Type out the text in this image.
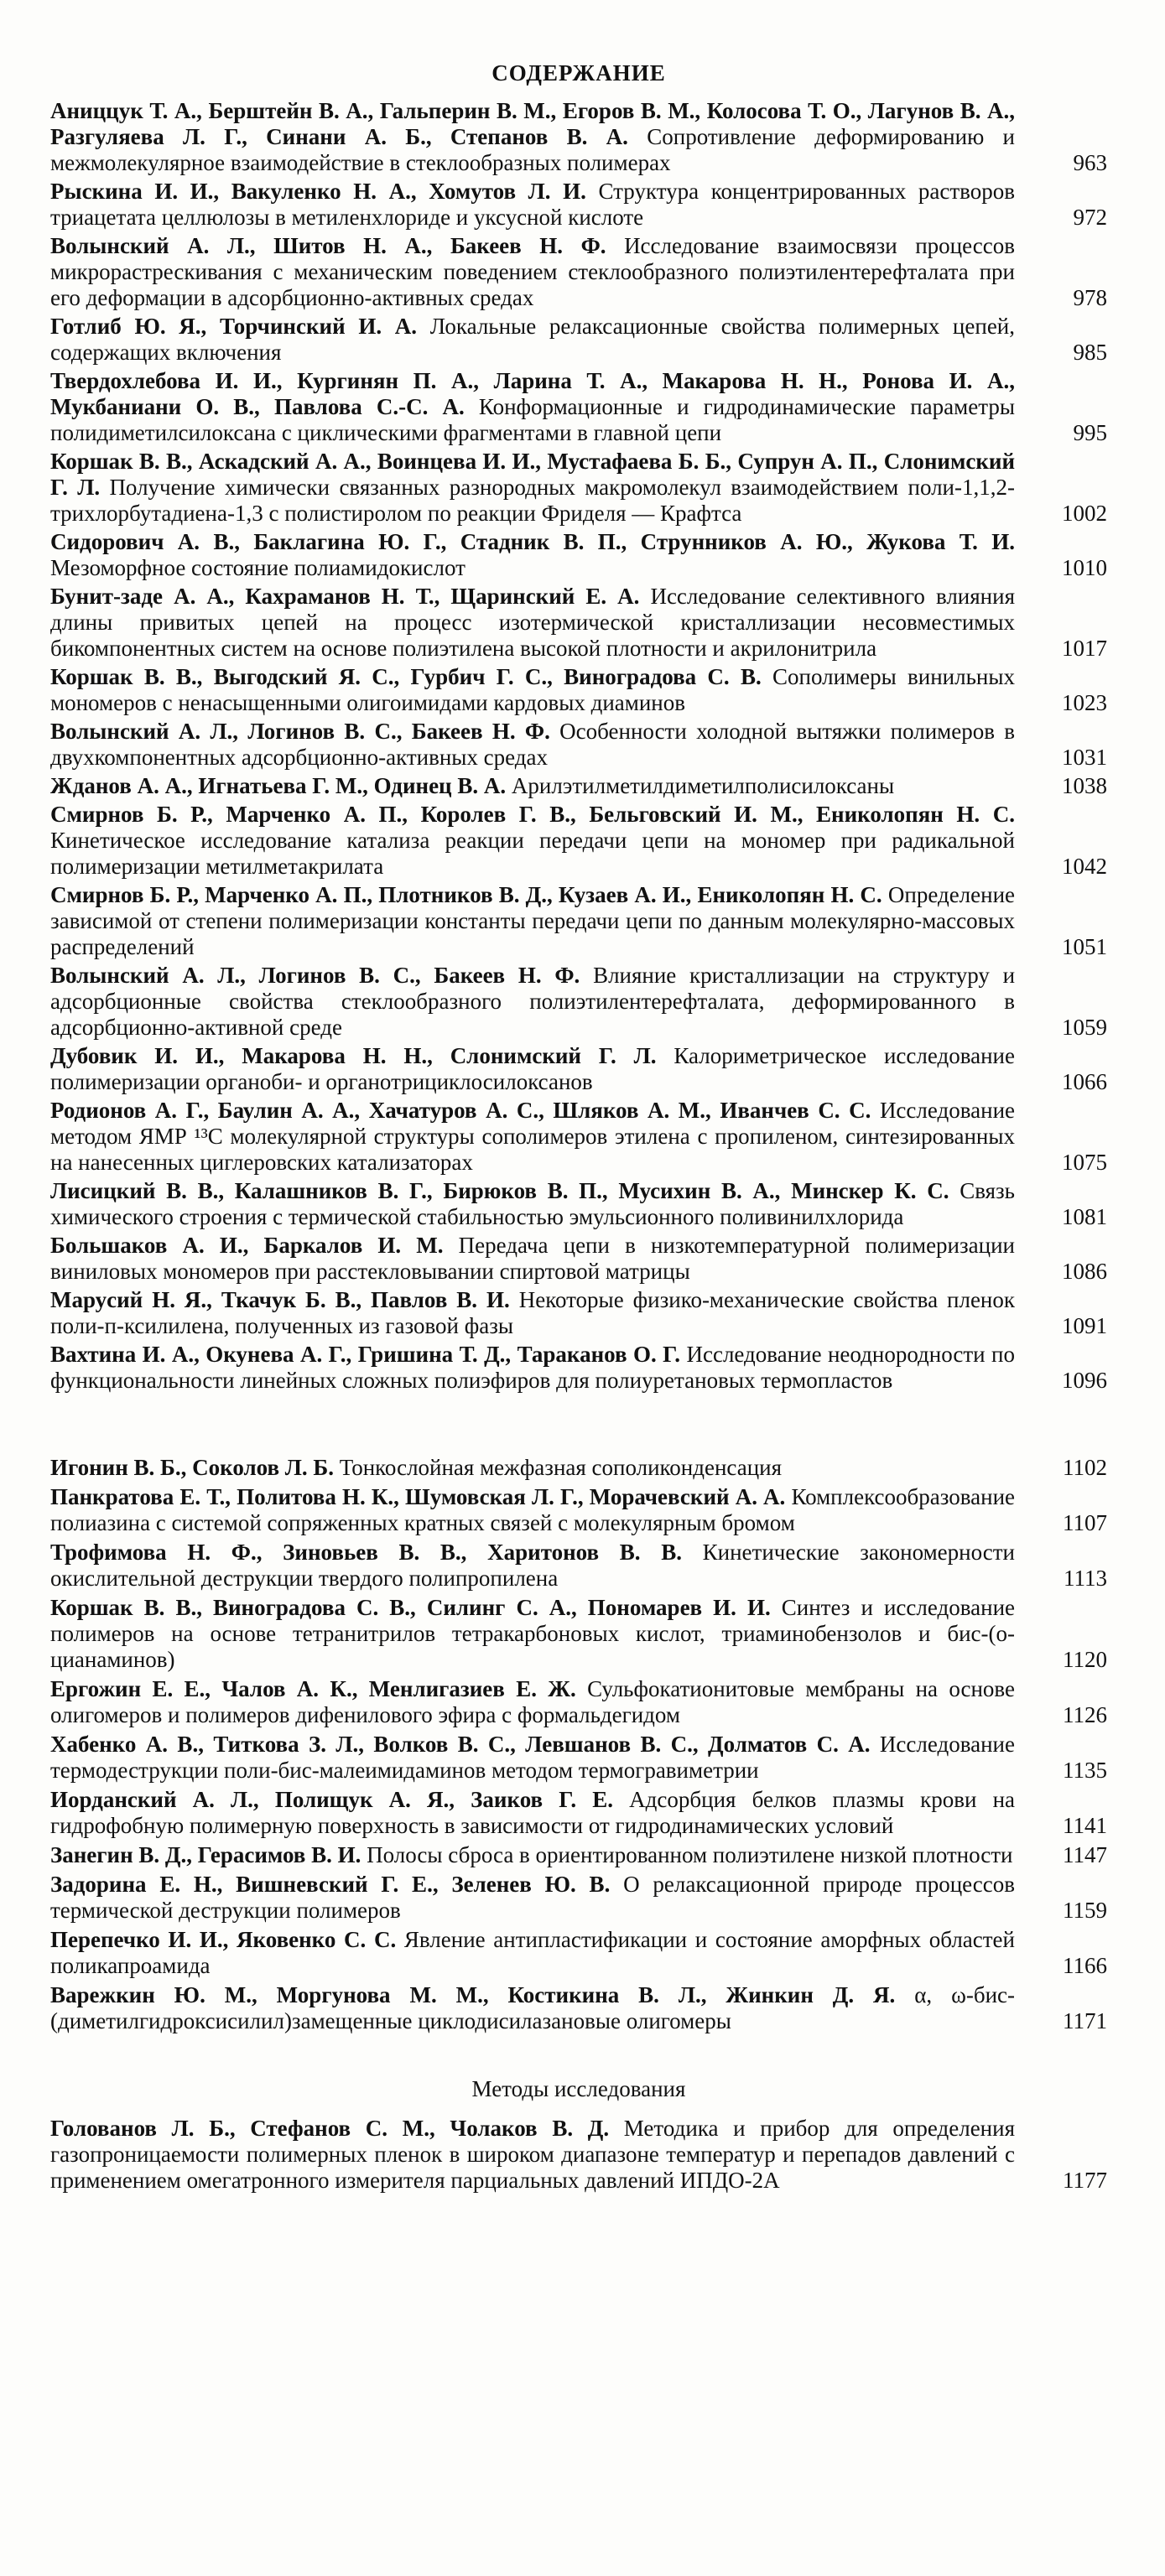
СОДЕРЖАНИЕ
Аниццук Т. А., Берштейн В. А., Гальперин В. М., Егоров В. М., Колосова Т. О., Лагунов В. А., Разгуляева Л. Г., Синани А. Б., Степанов В. А. Сопротивление деформированию и межмолекулярное взаимодействие в стеклообразных полимерах	963
Рыскина И. И., Вакуленко Н. А., Хомутов Л. И. Структура концентрированных растворов триацетата целлюлозы в метиленхлориде и уксусной кислоте	972
Волынский А. Л., Шитов Н. А., Бакеев Н. Ф. Исследование взаимосвязи процессов микрорастрескивания с механическим поведением стеклообразного полиэтилентерефталата при его деформации в адсорбционно-активных средах	978
Готлиб Ю. Я., Торчинский И. А. Локальные релаксационные свойства полимерных цепей, содержащих включения	985
Твердохлебова И. И., Кургинян П. А., Ларина Т. А., Макарова Н. Н., Ронова И. А., Мукбаниани О. В., Павлова С.-С. А. Конформационные и гидродинамические параметры полидиметилсилоксана с циклическими фрагментами в главной цепи	995
Коршак В. В., Аскадский А. А., Воинцева И. И., Мустафаева Б. Б., Супрун А. П., Слонимский Г. Л. Получение химически связанных разнородных макромолекул взаимодействием поли-1,1,2-трихлорбутадиена-1,3 с полистиролом по реакции Фриделя — Крафтса	1002
Сидорович А. В., Баклагина Ю. Г., Стадник В. П., Струнников А. Ю., Жукова Т. И. Мезоморфное состояние полиамидокислот	1010
Бунит-заде А. А., Кахраманов Н. Т., Щаринский Е. А. Исследование селективного влияния длины привитых цепей на процесс изотермической кристаллизации несовместимых бикомпонентных систем на основе полиэтилена высокой плотности и акрилонитрила	1017
Коршак В. В., Выгодский Я. С., Гурбич Г. С., Виноградова С. В. Сополимеры винильных мономеров с ненасыщенными олигоимидами кардовых диаминов	1023
Волынский А. Л., Логинов В. С., Бакеев Н. Ф. Особенности холодной вытяжки полимеров в двухкомпонентных адсорбционно-активных средах	1031
Жданов А. А., Игнатьева Г. М., Одинец В. А. Арилэтилметилдиметилполисилоксаны	1038
Смирнов Б. Р., Марченко А. П., Королев Г. В., Бельговский И. М., Ениколопян Н. С. Кинетическое исследование катализа реакции передачи цепи на мономер при радикальной полимеризации метилметакрилата	1042
Смирнов Б. Р., Марченко А. П., Плотников В. Д., Кузаев А. И., Ениколопян Н. С. Определение зависимой от степени полимеризации константы передачи цепи по данным молекулярно-массовых распределений	1051
Волынский А. Л., Логинов В. С., Бакеев Н. Ф. Влияние кристаллизации на структуру и адсорбционные свойства стеклообразного полиэтилентерефталата, деформированного в адсорбционно-активной среде	1059
Дубовик И. И., Макарова Н. Н., Слонимский Г. Л. Калориметрическое исследование полимеризации органоби- и органотрициклосилоксанов	1066
Родионов А. Г., Баулин А. А., Хачатуров А. С., Шляков А. М., Иванчев С. С. Исследование методом ЯМР ¹³С молекулярной структуры сополимеров этилена с пропиленом, синтезированных на нанесенных циглеровских катализаторах	1075
Лисицкий В. В., Калашников В. Г., Бирюков В. П., Мусихин В. А., Минскер К. С. Связь химического строения с термической стабильностью эмульсионного поливинилхлорида	1081
Большаков А. И., Баркалов И. М. Передача цепи в низкотемпературной полимеризации виниловых мономеров при расстекловывании спиртовой матрицы	1086
Маруcий Н. Я., Ткачук Б. В., Павлов В. И. Некоторые физико-механические свойства пленок поли-п-ксилилена, полученных из газовой фазы	1091
Вахтина И. А., Окунева А. Г., Гришина Т. Д., Тараканов О. Г. Исследование неоднородности по функциональности линейных сложных полиэфиров для полиуретановых термопластов	1096
Игонин В. Б., Соколов Л. Б. Тонкослойная межфазная сополиконденсация	1102
Панкратова Е. Т., Политова Н. К., Шумовская Л. Г., Морачевский А. А. Комплексообразование полиазина с системой сопряженных кратных связей с молекулярным бромом	1107
Трофимова Н. Ф., Зиновьев В. В., Харитонов В. В. Кинетические закономерности окислительной деструкции твердого полипропилена	1113
Коршак В. В., Виноградова С. В., Силинг С. А., Пономарев И. И. Синтез и исследование полимеров на основе тетранитрилов тетракарбоновых кислот, триаминобензолов и бис-(о-цианаминов)	1120
Ергожин Е. Е., Чалов А. К., Менлигазиев Е. Ж. Сульфокатионитовые мембраны на основе олигомеров и полимеров дифенилового эфира с формальдегидом	1126
Хабенко А. В., Титкова З. Л., Волков В. С., Левшанов В. С., Долматов С. А. Исследование термодеструкции поли-бис-малеимидаминов методом термогравиметрии	1135
Иорданский А. Л., Полищук А. Я., Заиков Г. Е. Адсорбция белков плазмы крови на гидрофобную полимерную поверхность в зависимости от гидродинамических условий	1141
Занегин В. Д., Герасимов В. И. Полосы сброса в ориентированном полиэтилене низкой плотности	1147
Задорина Е. Н., Вишневский Г. Е., Зеленев Ю. В. О релаксационной природе процессов термической деструкции полимеров	1159
Перепечко И. И., Яковенко С. С. Явление антипластификации и состояние аморфных областей поликапроамида	1166
Варежкин Ю. М., Моргунова М. М., Костикина В. Л., Жинкин Д. Я. α, ω-бис-(диметилгидроксисилил)замещенные циклодисилазановые олигомеры	1171
Методы исследования
Голованов Л. Б., Стефанов С. М., Чолаков В. Д. Методика и прибор для определения газопроницаемости полимерных пленок в широком диапазоне температур и перепадов давлений с применением омегатронного измерителя парциальных давлений ИПДО-2А	1177
